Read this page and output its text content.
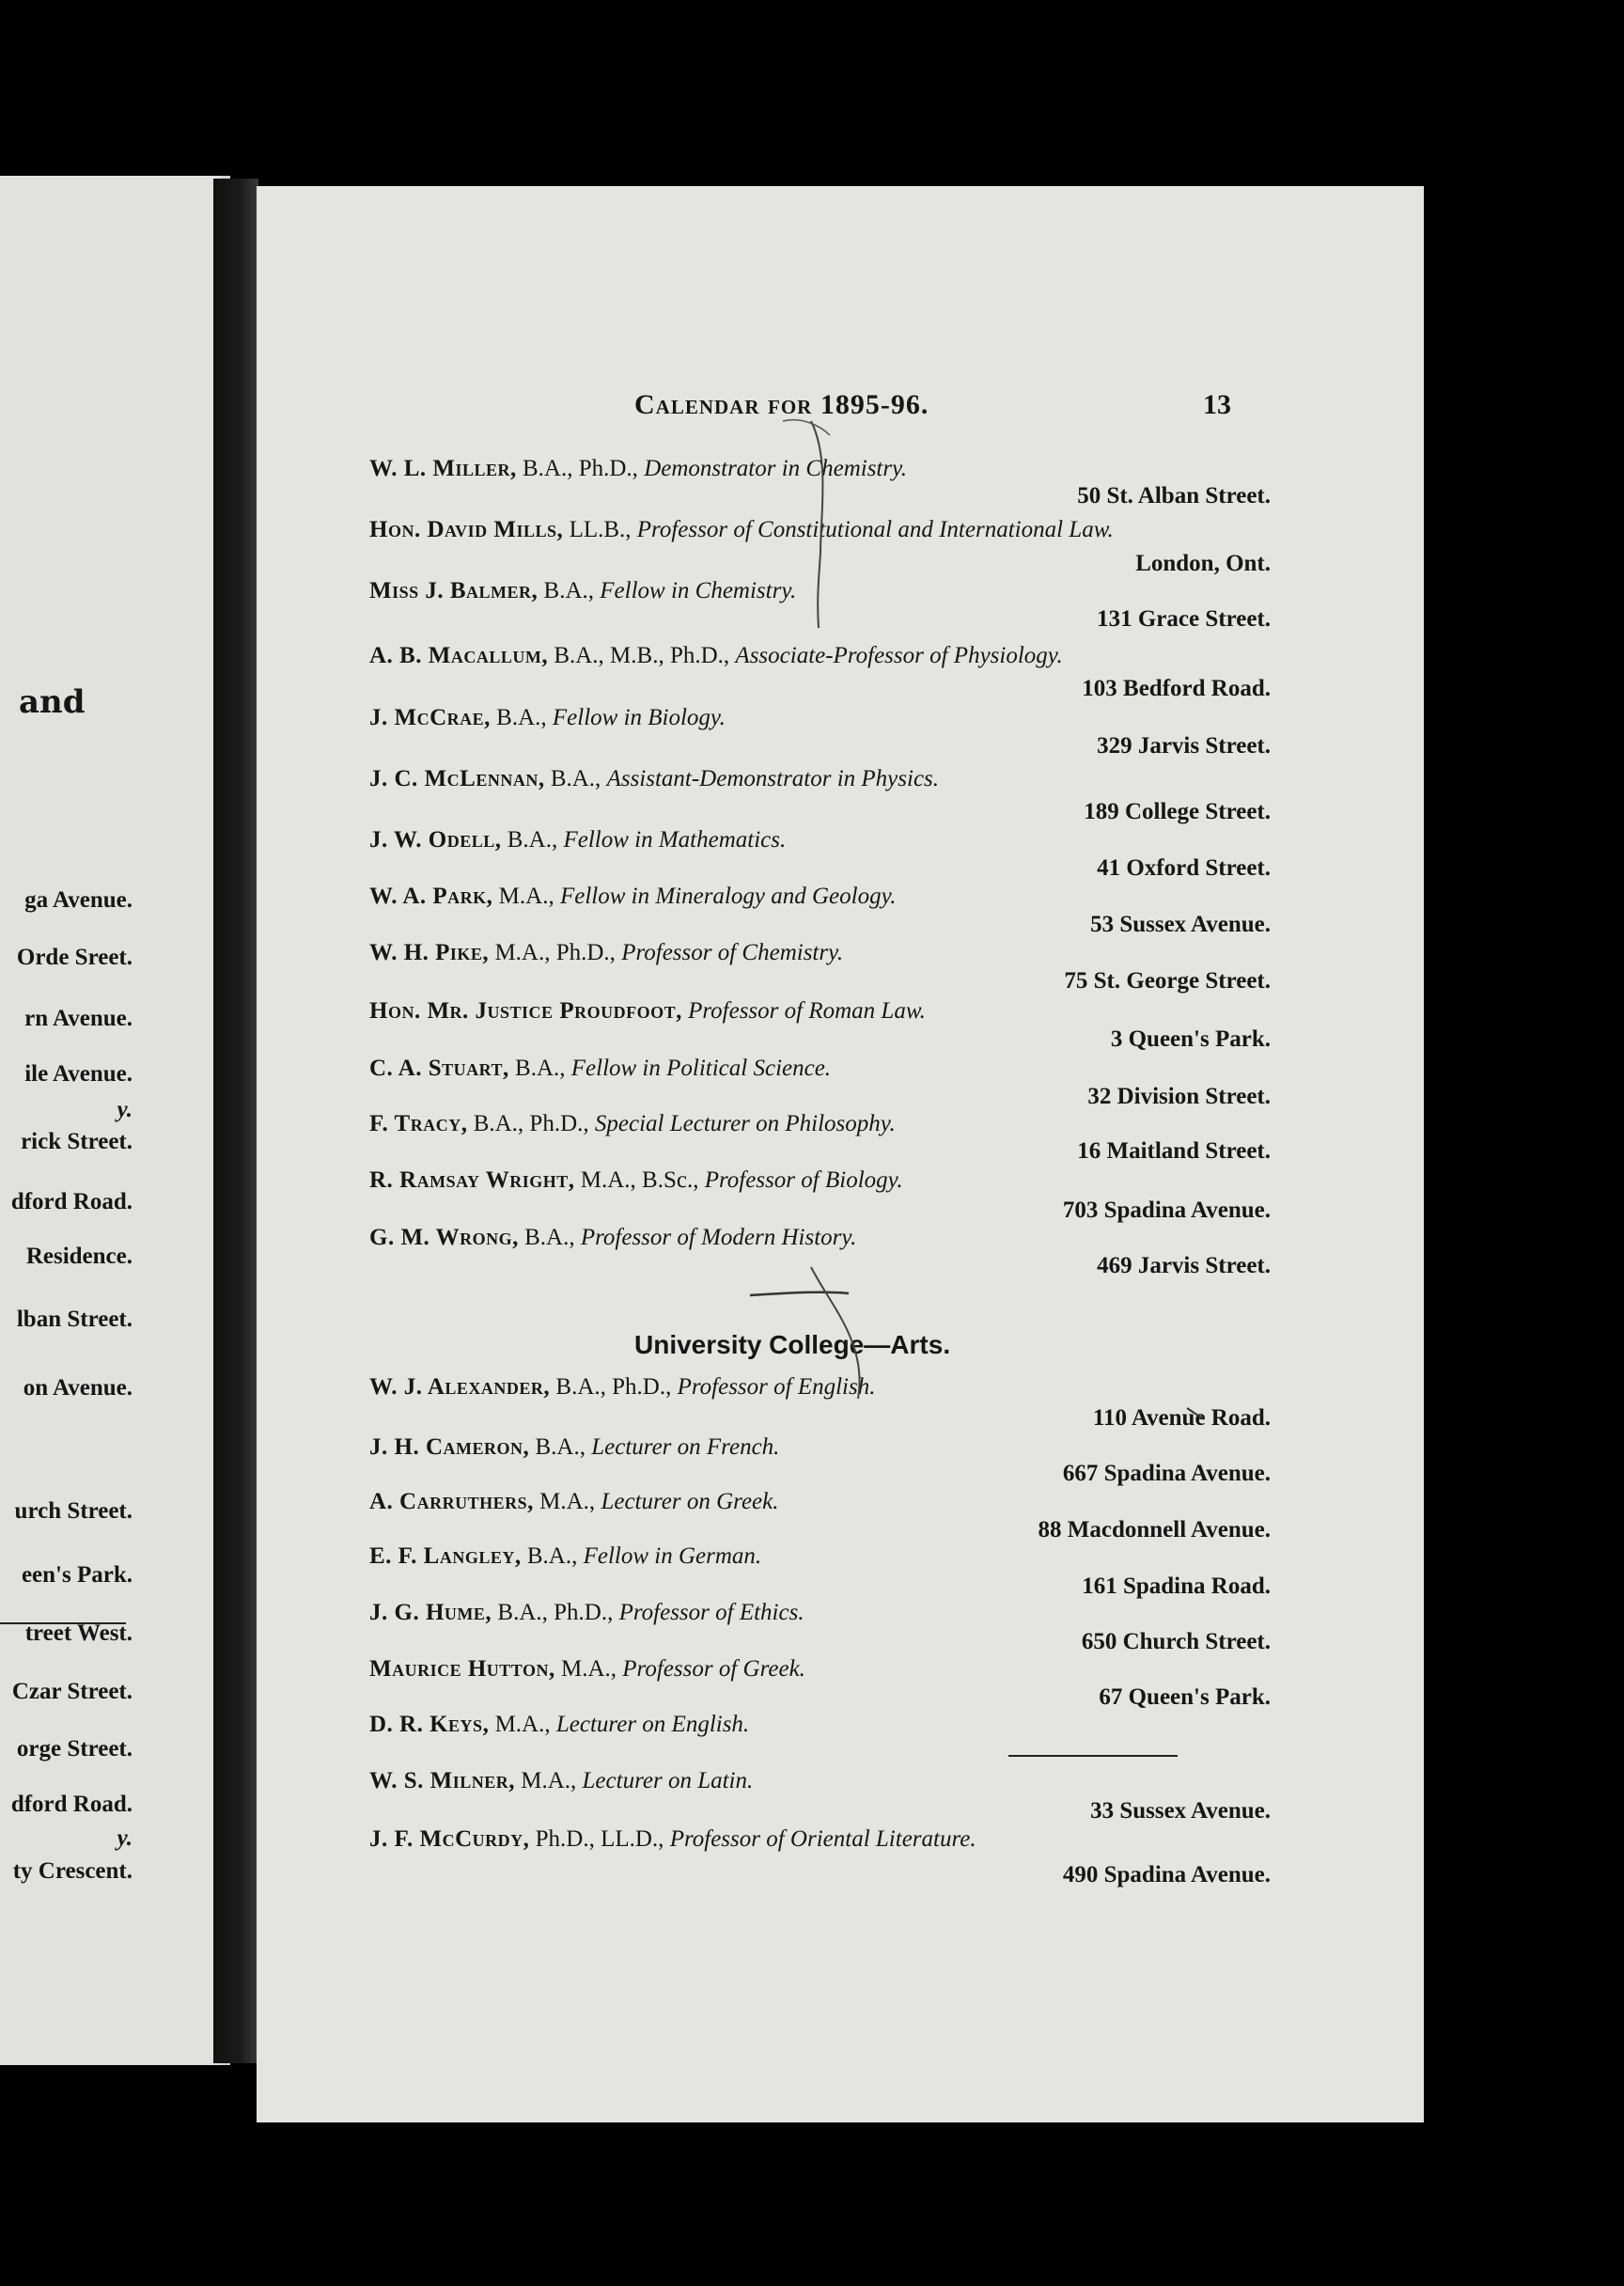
and
ga Avenue.
Orde Sreet.
rn Avenue.
ile Avenue.
y.
rick Street.
dford Road.
Residence.
lban Street.
on Avenue.
urch Street.
een's Park.
treet West.
Czar Street.
orge Street.
dford Road.
y.
ty Crescent.
Calendar for 1895-96.	13
W. L. Miller, B.A., Ph.D., Demonstrator in Chemistry.
50 St. Alban Street.
Hon. David Mills, LL.B., Professor of Constitutional and International Law.
London, Ont.
Miss J. Balmer, B.A., Fellow in Chemistry.
131 Grace Street.
A. B. Macallum, B.A., M.B., Ph.D., Associate-Professor of Physiology.
103 Bedford Road.
J. McCrae, B.A., Fellow in Biology.
329 Jarvis Street.
J. C. McLennan, B.A., Assistant-Demonstrator in Physics.
189 College Street.
J. W. Odell, B.A., Fellow in Mathematics.
41 Oxford Street.
W. A. Park, M.A., Fellow in Mineralogy and Geology.
53 Sussex Avenue.
W. H. Pike, M.A., Ph.D., Professor of Chemistry.
75 St. George Street.
Hon. Mr. Justice Proudfoot, Professor of Roman Law.
3 Queen's Park.
C. A. Stuart, B.A., Fellow in Political Science.
32 Division Street.
F. Tracy, B.A., Ph.D., Special Lecturer on Philosophy.
16 Maitland Street.
R. Ramsay Wright, M.A., B.Sc., Professor of Biology.
703 Spadina Avenue.
G. M. Wrong, B.A., Professor of Modern History.
469 Jarvis Street.
University College—Arts.
W. J. Alexander, B.A., Ph.D., Professor of English.
110 Avenue Road.
J. H. Cameron, B.A., Lecturer on French.
667 Spadina Avenue.
A. Carruthers, M.A., Lecturer on Greek.
88 Macdonnell Avenue.
E. F. Langley, B.A., Fellow in German.
161 Spadina Road.
J. G. Hume, B.A., Ph.D., Professor of Ethics.
650 Church Street.
Maurice Hutton, M.A., Professor of Greek.
67 Queen's Park.
D. R. Keys, M.A., Lecturer on English.
W. S. Milner, M.A., Lecturer on Latin.
33 Sussex Avenue.
J. F. McCurdy, Ph.D., LL.D., Professor of Oriental Literature.
490 Spadina Avenue.
